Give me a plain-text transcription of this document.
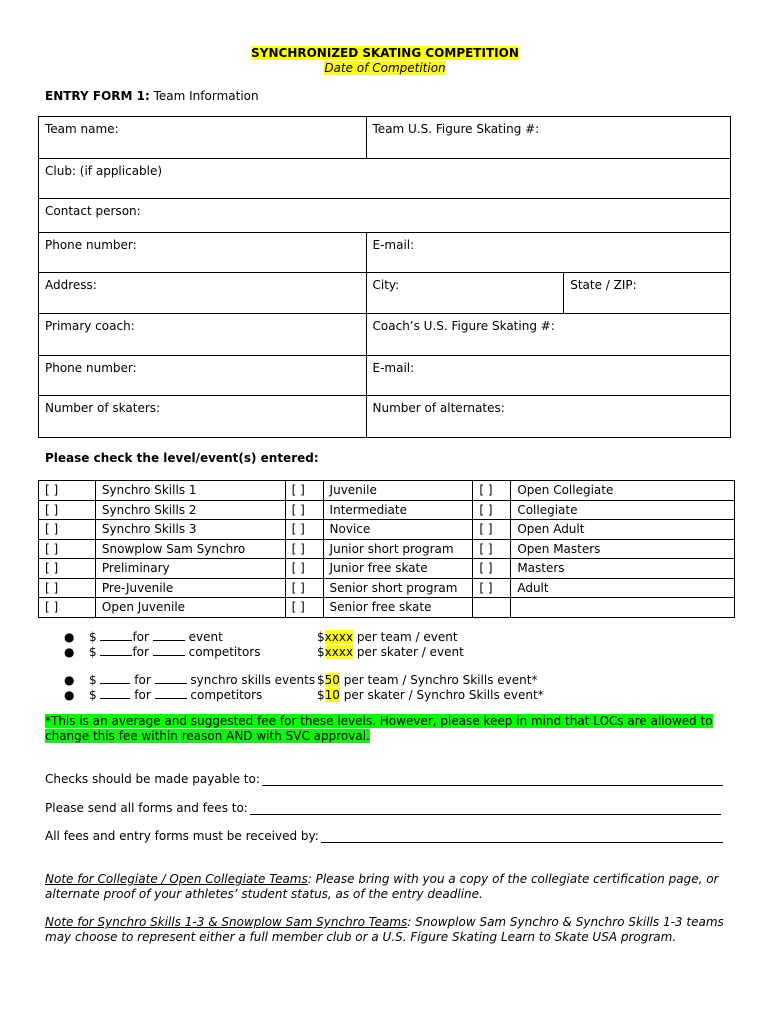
SYNCHRONIZED SKATING COMPETITION
Date of Competition
ENTRY FORM 1: Team Information
Team name:	Team U.S. Figure Skating #:	
Club: (if applicable)		
Contact person:		
Phone number:	E-mail:	
Address:	City:	State / ZIP:
Primary coach:	Coach’s U.S. Figure Skating #:	
Phone number:	E-mail:	
Number of skaters:	Number of alternates:	
Please check the level/event(s) entered:
[ ]	Synchro Skills 1	[ ]	Juvenile	[ ]	Open Collegiate
[ ]	Synchro Skills 2	[ ]	Intermediate	[ ]	Collegiate
[ ]	Synchro Skills 3	[ ]	Novice	[ ]	Open Adult
[ ]	Snowplow Sam Synchro	[ ]	Junior short program	[ ]	Open Masters
[ ]	Preliminary	[ ]	Junior free skate	[ ]	Masters
[ ]	Pre-Juvenile	[ ]	Senior short program	[ ]	Adult
[ ]	Open Juvenile	[ ]	Senior free skate		
● $	for	event	$xxxx per team / event
● $	for	competitors	$xxxx per skater / event
● $	for	synchro skills events $50 per team / Synchro Skills event*
● $	for	competitors	$10 per skater / Synchro Skills event*
*This is an average and suggested fee for these levels. However, please keep in mind that LOCs are allowed to change this fee within reason AND with SVC approval.
Checks should be made payable to:
Please send all forms and fees to:
All fees and entry forms must be received by:
Note for Collegiate / Open Collegiate Teams: Please bring with you a copy of the collegiate certification page, or alternate proof of your athletes’ student status, as of the entry deadline.
Note for Synchro Skills 1-3 & Snowplow Sam Synchro Teams: Snowplow Sam Synchro & Synchro Skills 1-3 teams may choose to represent either a full member club or a U.S. Figure Skating Learn to Skate USA program.
